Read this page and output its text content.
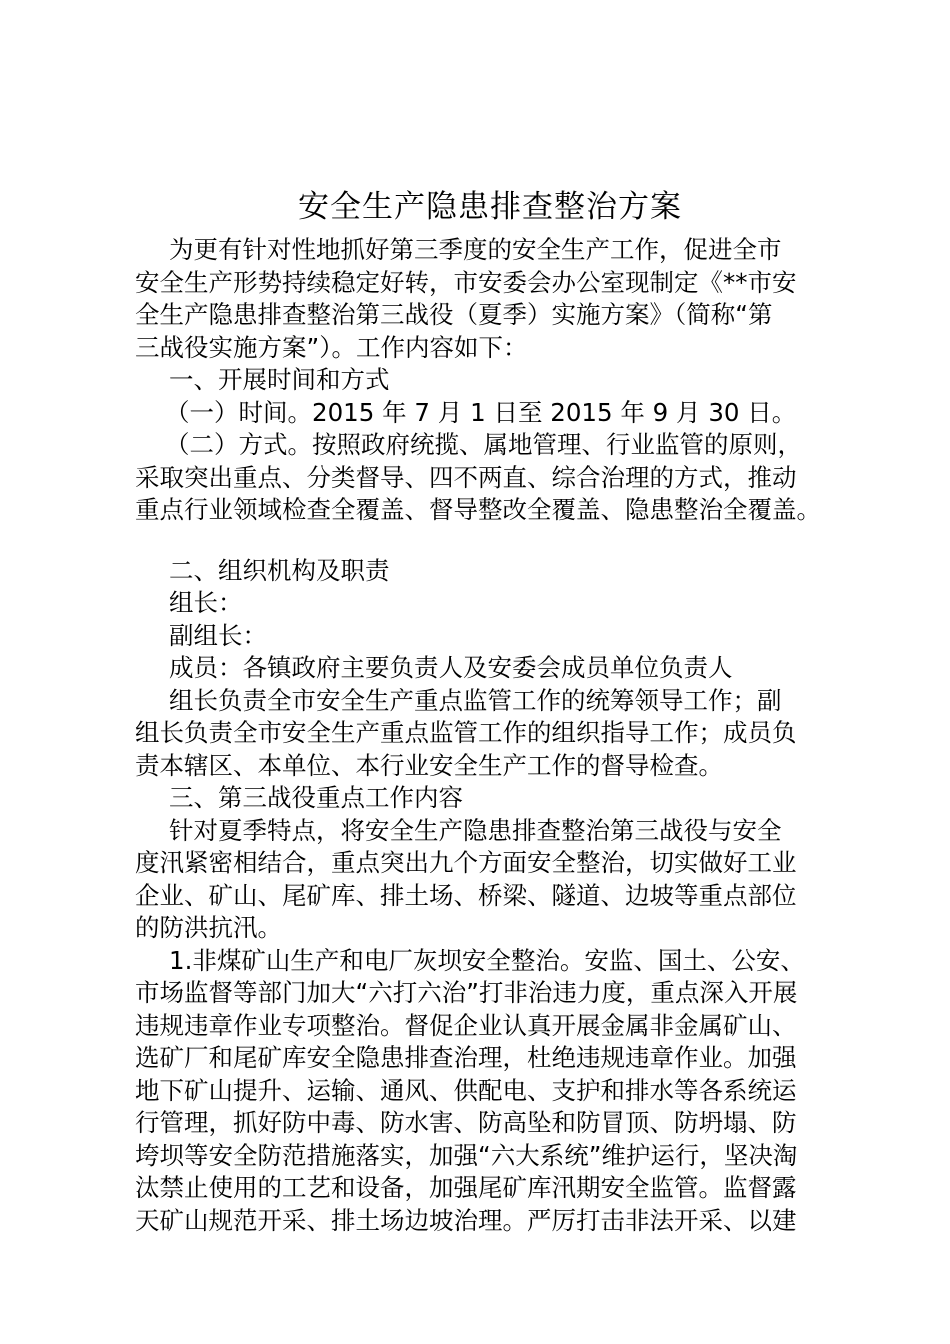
安全生产隐患排查整治方案

为更有针对性地抓好第三季度的安全生产工作，促进全市

安全生产形势持续稳定好转，市安委会办公室现制定《**市安

全生产隐患排查整治第三战役（夏季）实施方案》（简称“第

三战役实施方案”）。工作内容如下：

一、开展时间和方式

（一）时间。2015 年 7 月 1 日至 2015 年 9 月 30 日。

（二）方式。按照政府统揽、属地管理、行业监管的原则，

采取突出重点、分类督导、四不两直、综合治理的方式，推动

重点行业领域检查全覆盖、督导整改全覆盖、隐患整治全覆盖。

二、组织机构及职责

组长：

副组长：

成员：各镇政府主要负责人及安委会成员单位负责人

组长负责全市安全生产重点监管工作的统筹领导工作；副

组长负责全市安全生产重点监管工作的组织指导工作；成员负

责本辖区、本单位、本行业安全生产工作的督导检查。

三、第三战役重点工作内容

针对夏季特点，将安全生产隐患排查整治第三战役与安全

度汛紧密相结合，重点突出九个方面安全整治，切实做好工业

企业、矿山、尾矿库、排土场、桥梁、隧道、边坡等重点部位

的防洪抗汛。

1.非煤矿山生产和电厂灰坝安全整治。安监、国土、公安、

市场监督等部门加大“六打六治”打非治违力度，重点深入开展

违规违章作业专项整治。督促企业认真开展金属非金属矿山、

选矿厂和尾矿库安全隐患排查治理，杜绝违规违章作业。加强

地下矿山提升、运输、通风、供配电、支护和排水等各系统运

行管理，抓好防中毒、防水害、防高坠和防冒顶、防坍塌、防

垮坝等安全防范措施落实，加强“六大系统”维护运行，坚决淘

汰禁止使用的工艺和设备，加强尾矿库汛期安全监管。监督露

天矿山规范开采、排土场边坡治理。严厉打击非法开采、以建
